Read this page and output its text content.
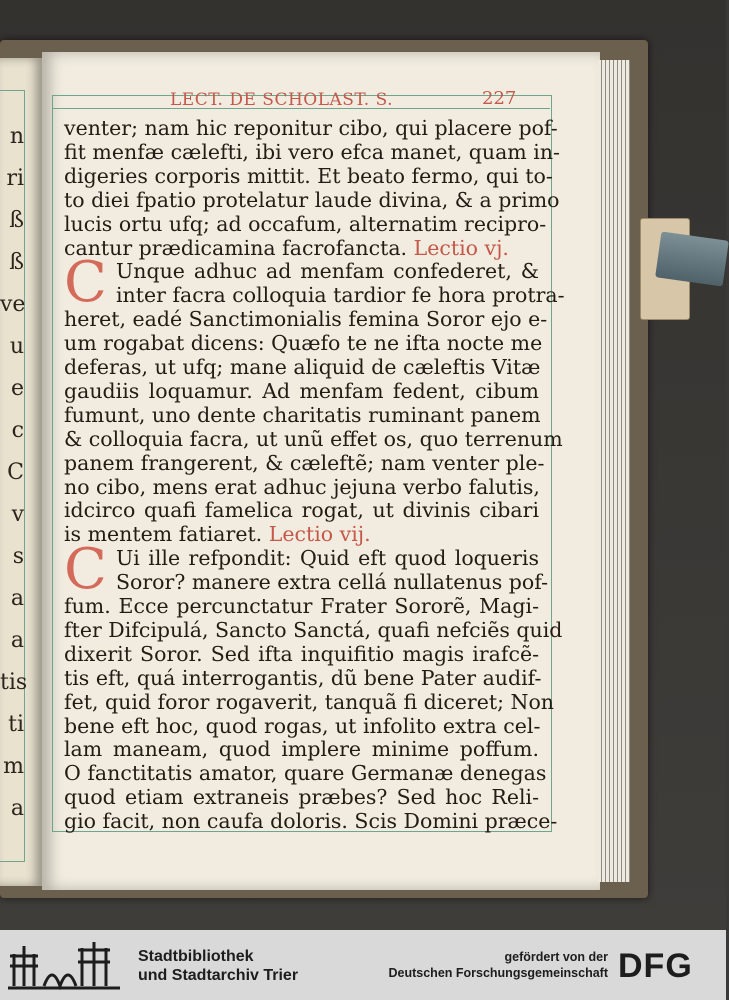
n
ri
ß
ß
ve
u
e
c
C
v
s
a
a
tis
ti
m
a
LECT. DE SCHOLAST. S.	227
venter; nam hic reponitur cibo, qui placere pof-
fit menfæ cælefti, ibi vero efca manet, quam in-
digeries corporis mittit. Et beato fermo, qui to-
to diei fpatio protelatur laude divina, & a primo
lucis ortu ufq; ad occafum, alternatim recipro-
cantur prædicamina facrofancta. Lectio vj.
C Unque adhuc ad menfam confederet, &
inter facra colloquia tardior fe hora protra-
heret, eadé Sanctimonialis femina Soror ejo e-
um rogabat dicens: Quæfo te ne ifta nocte me
deferas, ut ufq; mane aliquid de cæleftis Vitæ
gaudiis loquamur. Ad menfam fedent, cibum
fumunt, uno dente charitatis ruminant panem
& colloquia facra, ut unũ effet os, quo terrenum
panem frangerent, & cæleftẽ; nam venter ple-
no cibo, mens erat adhuc jejuna verbo falutis,
idcirco quafi famelica rogat, ut divinis cibari
is mentem fatiaret. Lectio vij.
C Ui ille refpondit: Quid eft quod loqueris
Soror? manere extra cellá nullatenus pof-
fum. Ecce percunctatur Frater Sororẽ, Magi-
fter Difcipulá, Sancto Sanctá, quafi nefciẽs quid
dixerit Soror. Sed ifta inquifitio magis irafcẽ-
tis eft, quá interrogantis, dũ bene Pater audif-
fet, quid foror rogaverit, tanquã fi diceret; Non
bene eft hoc, quod rogas, ut infolito extra cel-
lam maneam, quod implere minime poffum.
O fanctitatis amator, quare Germanæ denegas
quod etiam extraneis præbes? Sed hoc Reli-
gio facit, non caufa doloris. Scis Domini præce-
Stadtbibliothek
und Stadtarchiv Trier
gefördert von der
Deutschen Forschungsgemeinschaft DFG
